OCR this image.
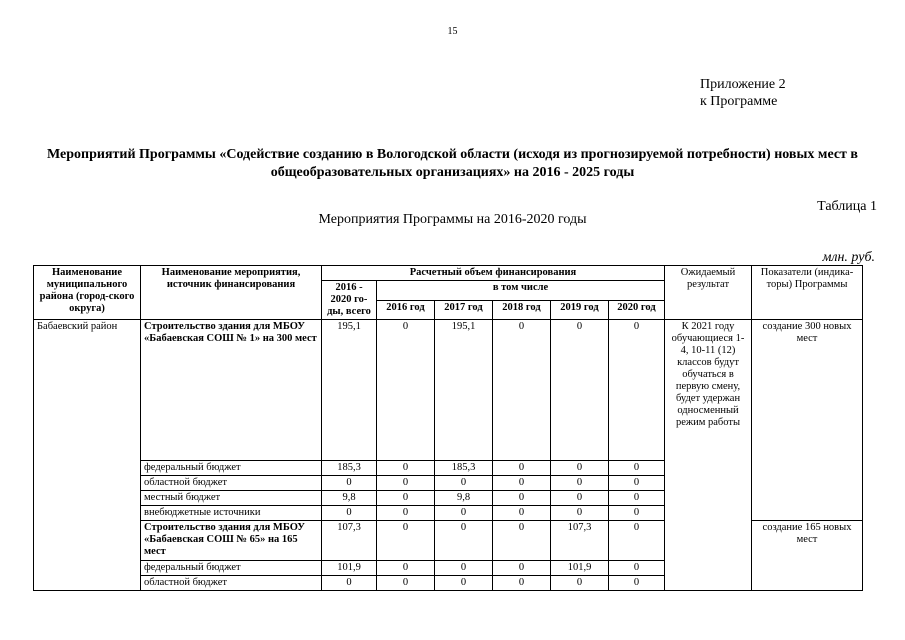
15
Приложение 2
к Программе
Мероприятий Программы «Содействие созданию в Вологодской области (исходя из прогнозируемой потребности) новых мест в общеобразовательных организациях» на 2016 - 2025 годы
Таблица 1
Мероприятия Программы на 2016-2020 годы
млн. руб.
Наименование муниципального района (город-ского округа)	Наименование мероприятия, источник финансирования	Расчетный объем финансирования						Ожидаемый результат	Показатели (индика-торы) Программы
		2016 - 2020 го-ды, всего	в том числе						
			2016 год	2017 год	2018 год	2019 год	2020 год		
Бабаевский район	Строительство здания для МБОУ «Бабаевская СОШ № 1» на 300 мест	195,1	0	195,1	0	0	0	К 2021 году обучающиеся 1-4, 10-11 (12) классов будут обучаться в первую смену, будет удержан односменный режим работы	создание 300 новых мест
	федеральный бюджет	185,3	0	185,3	0	0	0		
	областной бюджет	0	0	0	0	0	0		
	местный бюджет	9,8	0	9,8	0	0	0		
	внебюджетные источники	0	0	0	0	0	0		
	Строительство здания для МБОУ «Бабаевская СОШ № 65» на 165 мест	107,3	0	0	0	107,3	0		создание 165 новых мест
	федеральный бюджет	101,9	0	0	0	101,9	0		
	областной бюджет	0	0	0	0	0	0		
